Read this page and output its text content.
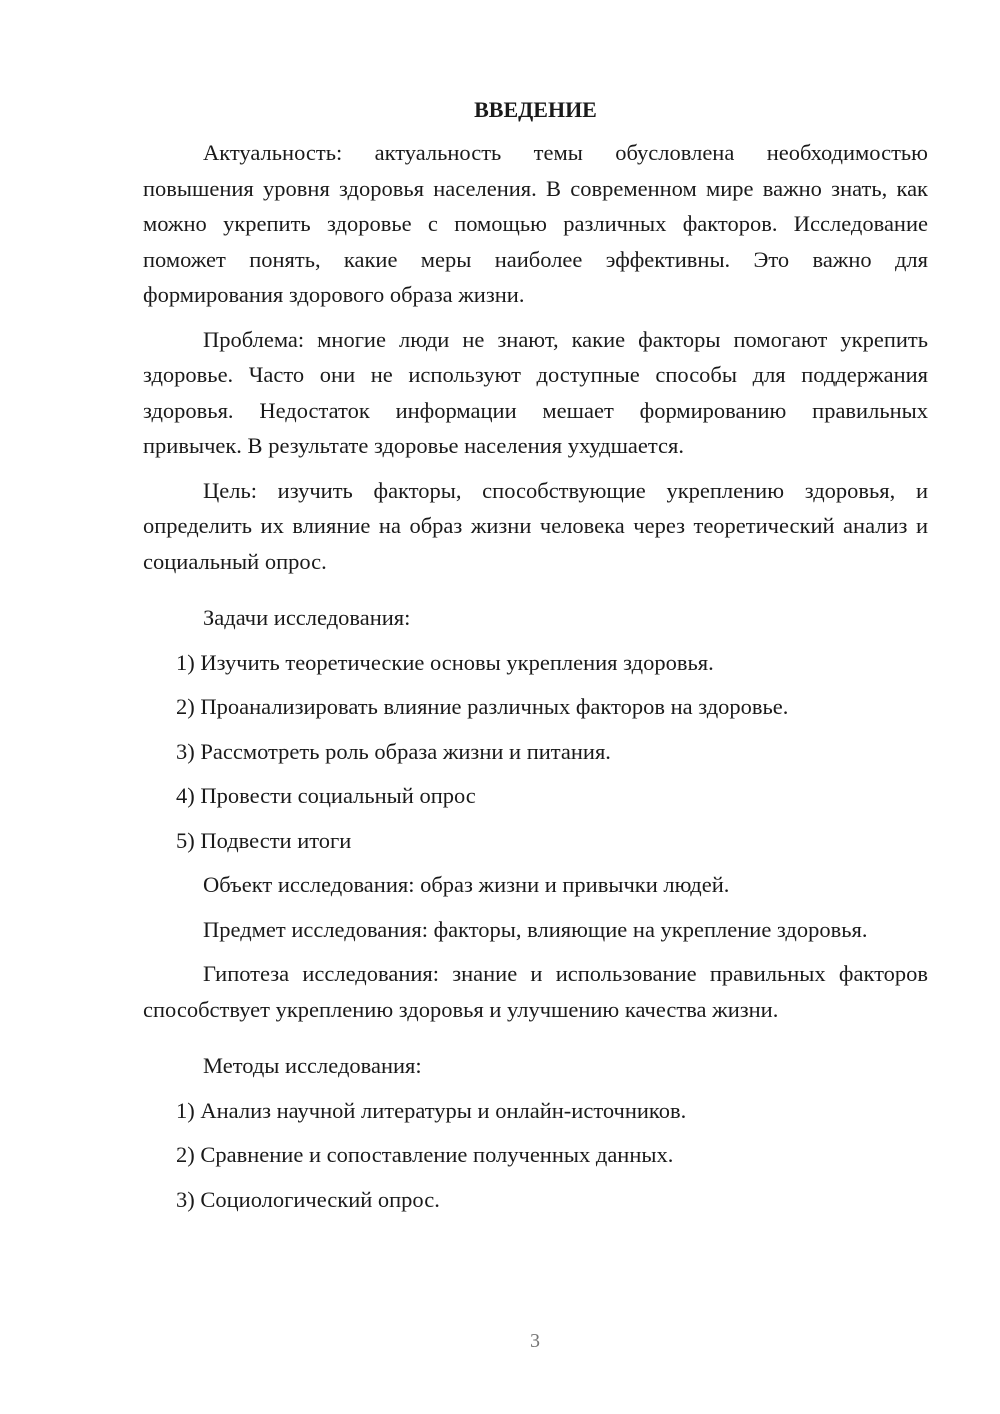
ВВЕДЕНИЕ
Актуальность: актуальность темы обусловлена необходимостью повышения уровня здоровья населения. В современном мире важно знать, как можно укрепить здоровье с помощью различных факторов. Исследование поможет понять, какие меры наиболее эффективны. Это важно для формирования здорового образа жизни.
Проблема: многие люди не знают, какие факторы помогают укрепить здоровье. Часто они не используют доступные способы для поддержания здоровья. Недостаток информации мешает формированию правильных привычек. В результате здоровье населения ухудшается.
Цель: изучить факторы, способствующие укреплению здоровья, и определить их влияние на образ жизни человека через теоретический анализ и социальный опрос.
Задачи исследования:
1) Изучить теоретические основы укрепления здоровья.
2) Проанализировать влияние различных факторов на здоровье.
3) Рассмотреть роль образа жизни и питания.
4) Провести социальный опрос
5) Подвести итоги
Объект исследования: образ жизни и привычки людей.
Предмет исследования: факторы, влияющие на укрепление здоровья.
Гипотеза исследования: знание и использование правильных факторов способствует укреплению здоровья и улучшению качества жизни.
Методы исследования:
1) Анализ научной литературы и онлайн-источников.
2) Сравнение и сопоставление полученных данных.
3) Социологический опрос.
3
